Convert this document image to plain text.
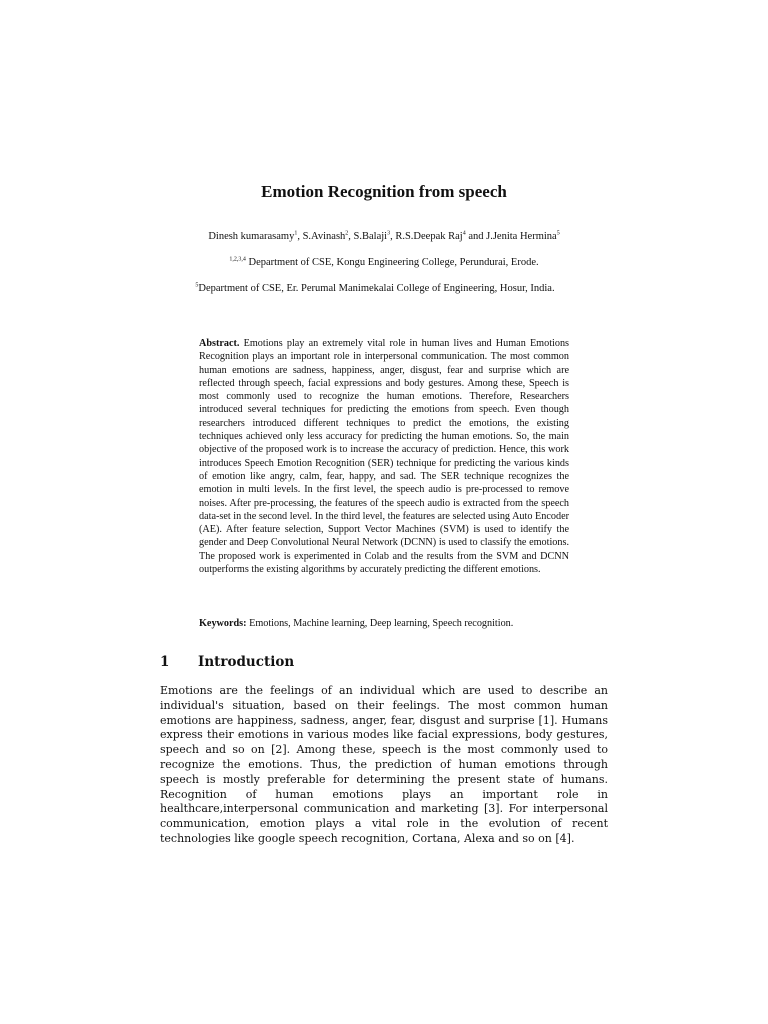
Emotion Recognition from speech
Dinesh kumarasamy$^1$, S.Avinash$^2$, S.Balaji$^3$, R.S.Deepak Raj$^4$ and J.Jenita Hermina$^5$
$^{1,2,3,4}$ Department of CSE, Kongu Engineering College, Perundurai, Erode.
$^5$Department of CSE, Er. Perumal Manimekalai College of Engineering, Hosur, India.

Abstract. Emotions play an extremely vital role in human lives and Human Emotions Recognition plays an important role in interpersonal communication. The most common human emotions are sadness, happiness, anger, disgust, fear and surprise which are reflected through speech, facial expressions and body gestures. Among these, Speech is most commonly used to recognize the human emotions. Therefore, Researchers introduced several techniques for predicting the emotions from speech. Even though researchers introduced different techniques to predict the emotions, the existing techniques achieved only less accuracy for predicting the human emotions. So, the main objective of the proposed work is to increase the accuracy of prediction. Hence, this work introduces Speech Emotion Recognition (SER) technique for predicting the various kinds of emotion like angry, calm, fear, happy, and sad. The SER technique recognizes the emotion in multi levels. In the first level, the speech audio is pre-processed to remove noises. After pre-processing, the features of the speech audio is extracted from the speech data-set in the second level. In the third level, the features are selected using Auto Encoder (AE). After feature selection, Support Vector Machines (SVM) is used to identify the gender and Deep Convolutional Neural Network (DCNN) is used to classify the emotions. The proposed work is experimented in Colab and the results from the SVM and DCNN outperforms the existing algorithms by accurately predicting the different emotions.

Keywords: Emotions, Machine learning, Deep learning, Speech recognition.

1 Introduction

Emotions are the feelings of an individual which are used to describe an individual's situation, based on their feelings. The most common human emotions are happiness, sadness, anger, fear, disgust and surprise [1]. Humans express their emotions in various modes like facial expressions, body gestures, speech and so on [2]. Among these, speech is the most commonly used to recognize the emotions. Thus, the prediction of human emotions through speech is mostly preferable for determining the present state of humans. Recognition of human emotions plays an important role in healthcare,interpersonal communication and marketing [3]. For interpersonal communication, emotion plays a vital role in the evolution of recent technologies like google speech recognition, Cortana, Alexa and so on [4].
